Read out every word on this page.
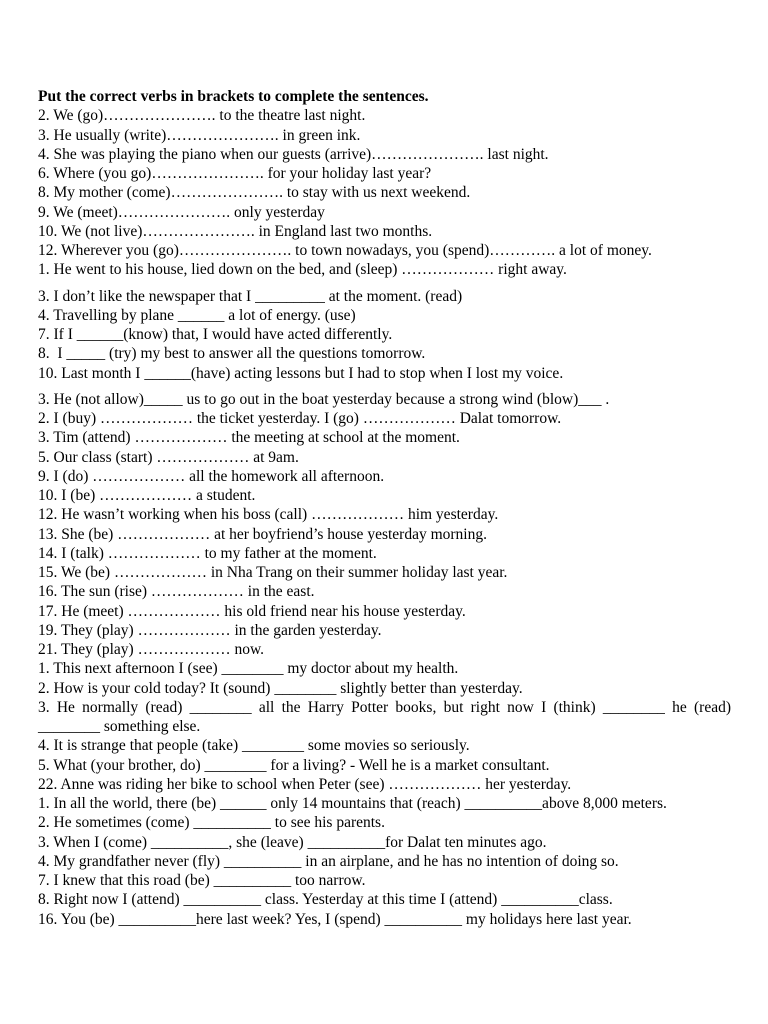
Put the correct verbs in brackets to complete the sentences.
2. We (go)…………………. to the theatre last night.
3. He usually (write)…………………. in green ink.
4. She was playing the piano when our guests (arrive)…………………. last night.
6. Where (you go)…………………. for your holiday last year?
8. My mother (come)…………………. to stay with us next weekend.
9. We (meet)…………………. only yesterday
10. We (not live)…………………. in England last two months.
12. Wherever you (go)…………………. to town nowadays, you (spend)…………. a lot of money.
1. He went to his house, lied down on the bed, and (sleep) ……………… right away.
3. I don’t like the newspaper that I _________ at the moment. (read)
4. Travelling by plane ______ a lot of energy. (use)
7. If I ______(know) that, I would have acted differently.
8.  I _____ (try) my best to answer all the questions tomorrow.
10. Last month I ______(have) acting lessons but I had to stop when I lost my voice.
3. He (not allow)_____ us to go out in the boat yesterday because a strong wind (blow)___ .
2. I (buy) ……………… the ticket yesterday. I (go) ……………… Dalat tomorrow.
3. Tim (attend) ……………… the meeting at school at the moment.
5. Our class (start) ……………… at 9am.
9. I (do) ……………… all the homework all afternoon.
10. I (be) ……………… a student.
12. He wasn’t working when his boss (call) ……………… him yesterday.
13. She (be) ……………… at her boyfriend’s house yesterday morning.
14. I (talk) ……………… to my father at the moment.
15. We (be) ……………… in Nha Trang on their summer holiday last year.
16. The sun (rise) ……………… in the east.
17. He (meet) ……………… his old friend near his house yesterday.
19. They (play) ……………… in the garden yesterday.
21. They (play) ……………… now.
1. This next afternoon I (see) ________ my doctor about my health.
2. How is your cold today? It (sound) ________ slightly better than yesterday.
3. He normally (read) ________ all the Harry Potter books, but right now I (think) ________ he (read)
________ something else.
4. It is strange that people (take) ________ some movies so seriously.
5. What (your brother, do) ________ for a living? - Well he is a market consultant.
22. Anne was riding her bike to school when Peter (see) ……………… her yesterday.
1. In all the world, there (be) ______ only 14 mountains that (reach) __________above 8,000 meters.
2. He sometimes (come) __________ to see his parents.
3. When I (come) __________, she (leave) __________for Dalat ten minutes ago.
4. My grandfather never (fly) __________ in an airplane, and he has no intention of doing so.
7. I knew that this road (be) __________ too narrow.
8. Right now I (attend) __________ class. Yesterday at this time I (attend) __________class.
16. You (be) __________here last week? Yes, I (spend) __________ my holidays here last year.
